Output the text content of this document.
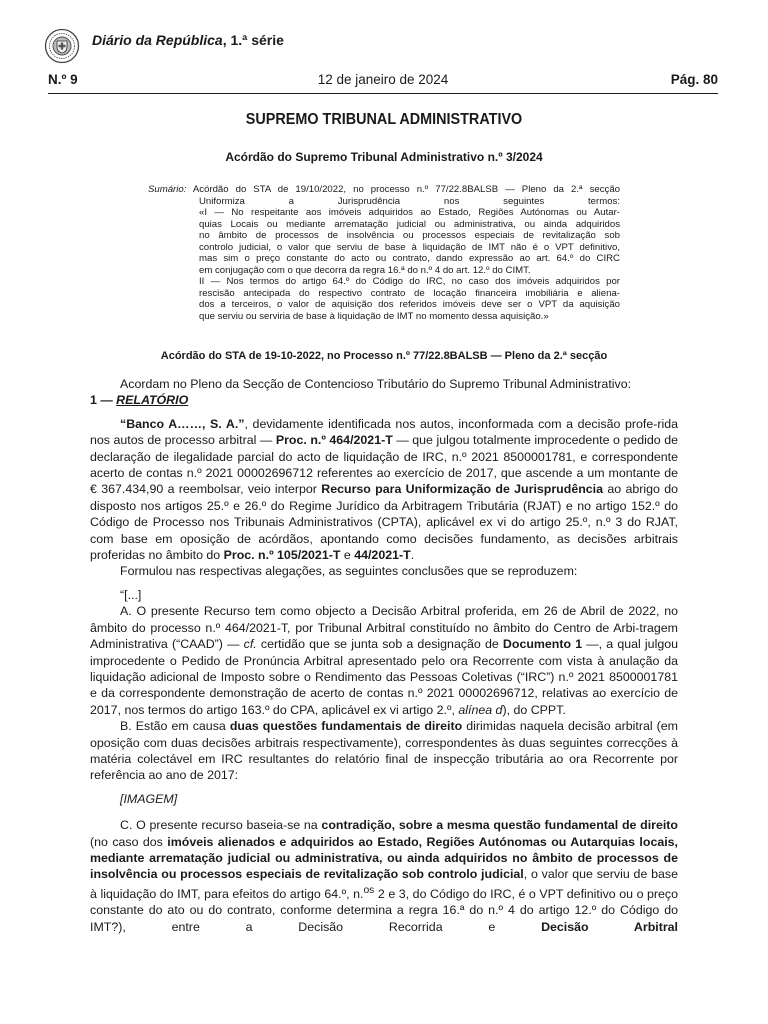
Diário da República, 1.ª série
12 de janeiro de 2024
N.º 9	Pág. 80
SUPREMO TRIBUNAL ADMINISTRATIVO
Acórdão do Supremo Tribunal Administrativo n.º 3/2024

Sumário: Acórdão do STA de 19/10/2022, no processo n.º 77/22.8BALSB — Pleno da 2.ª secção

Uniformiza a Jurisprudência nos seguintes termos:

«I — No respeitante aos imóveis adquiridos ao Estado, Regiões Autónomas ou Autar-

quias Locais ou mediante arrematação judicial ou administrativa, ou ainda adquiridos

no âmbito de processos de insolvência ou processos especiais de revitalização sob

controlo judicial, o valor que serviu de base à liquidação de IMT não é o VPT definitivo,

mas sim o preço constante do acto ou contrato, dando expressão ao art. 64.º do CIRC

em conjugação com o que decorra da regra 16.ª do n.º 4 do art. 12.º do CIMT.

II — Nos termos do artigo 64.º do Código do IRC, no caso dos imóveis adquiridos por

rescisão antecipada do respectivo contrato de locação financeira imobiliária e aliena-

dos a terceiros, o valor de aquisição dos referidos imóveis deve ser o VPT da aquisição

que serviu ou serviria de base à liquidação de IMT no momento dessa aquisição.»

Acórdão do STA de 19-10-2022, no Processo n.º 77/22.8BALSB — Pleno da 2.ª secção

Acordam no Pleno da Secção de Contencioso Tributário do Supremo Tribunal Administrativo:

1 — RELATÓRIO

“Banco A……, S. A.”, devidamente identificada nos autos, inconformada com a decisão profe-rida nos autos de processo arbitral — Proc. n.º 464/2021-T — que julgou totalmente improcedente o pedido de declaração de ilegalidade parcial do acto de liquidação de IRC, n.º 2021 8500001781, e correspondente acerto de contas n.º 2021 00002696712 referentes ao exercício de 2017, que ascende a um montante de € 367.434,90 a reembolsar, veio interpor Recurso para Uniformização de Jurisprudência ao abrigo do disposto nos artigos 25.º e 26.º do Regime Jurídico da Arbitragem Tributária (RJAT) e no artigo 152.º do Código de Processo nos Tribunais Administrativos (CPTA), aplicável ex vi do artigo 25.º, n.º 3 do RJAT, com base em oposição de acórdãos, apontando como decisões fundamento, as decisões arbitrais proferidas no âmbito do Proc. n.º 105/2021-T e 44/2021-T.

Formulou nas respectivas alegações, as seguintes conclusões que se reproduzem:

“[...]

A. O presente Recurso tem como objecto a Decisão Arbitral proferida, em 26 de Abril de 2022, no âmbito do processo n.º 464/2021-T, por Tribunal Arbitral constituído no âmbito do Centro de Arbi-tragem Administrativa (“CAAD”) — cf. certidão que se junta sob a designação de Documento 1 —, a qual julgou improcedente o Pedido de Pronúncia Arbitral apresentado pelo ora Recorrente com vista à anulação da liquidação adicional de Imposto sobre o Rendimento das Pessoas Coletivas (“IRC”) n.º 2021 8500001781 e da correspondente demonstração de acerto de contas n.º 2021 00002696712, relativas ao exercício de 2017, nos termos do artigo 163.º do CPA, aplicável ex vi artigo 2.º, alínea d), do CPPT.

B. Estão em causa duas questões fundamentais de direito dirimidas naquela decisão arbitral (em oposição com duas decisões arbitrais respectivamente), correspondentes às duas seguintes correcções à matéria colectável em IRC resultantes do relatório final de inspecção tributária ao ora Recorrente por referência ao ano de 2017:

[IMAGEM]

C. O presente recurso baseia-se na contradição, sobre a mesma questão fundamental de direito (no caso dos imóveis alienados e adquiridos ao Estado, Regiões Autónomas ou Autarquias locais, mediante arrematação judicial ou administrativa, ou ainda adquiridos no âmbito de processos de insolvência ou processos especiais de revitalização sob controlo judicial, o valor que serviu de base à liquidação do IMT, para efeitos do artigo 64.º, n.$^{os}$ 2 e 3, do Código do IRC, é o VPT definitivo ou o preço constante do ato ou do contrato, conforme determina a regra 16.ª do n.º 4 do artigo 12.º do Código do IMT?), entre a Decisão Recorrida e Decisão Arbitral
